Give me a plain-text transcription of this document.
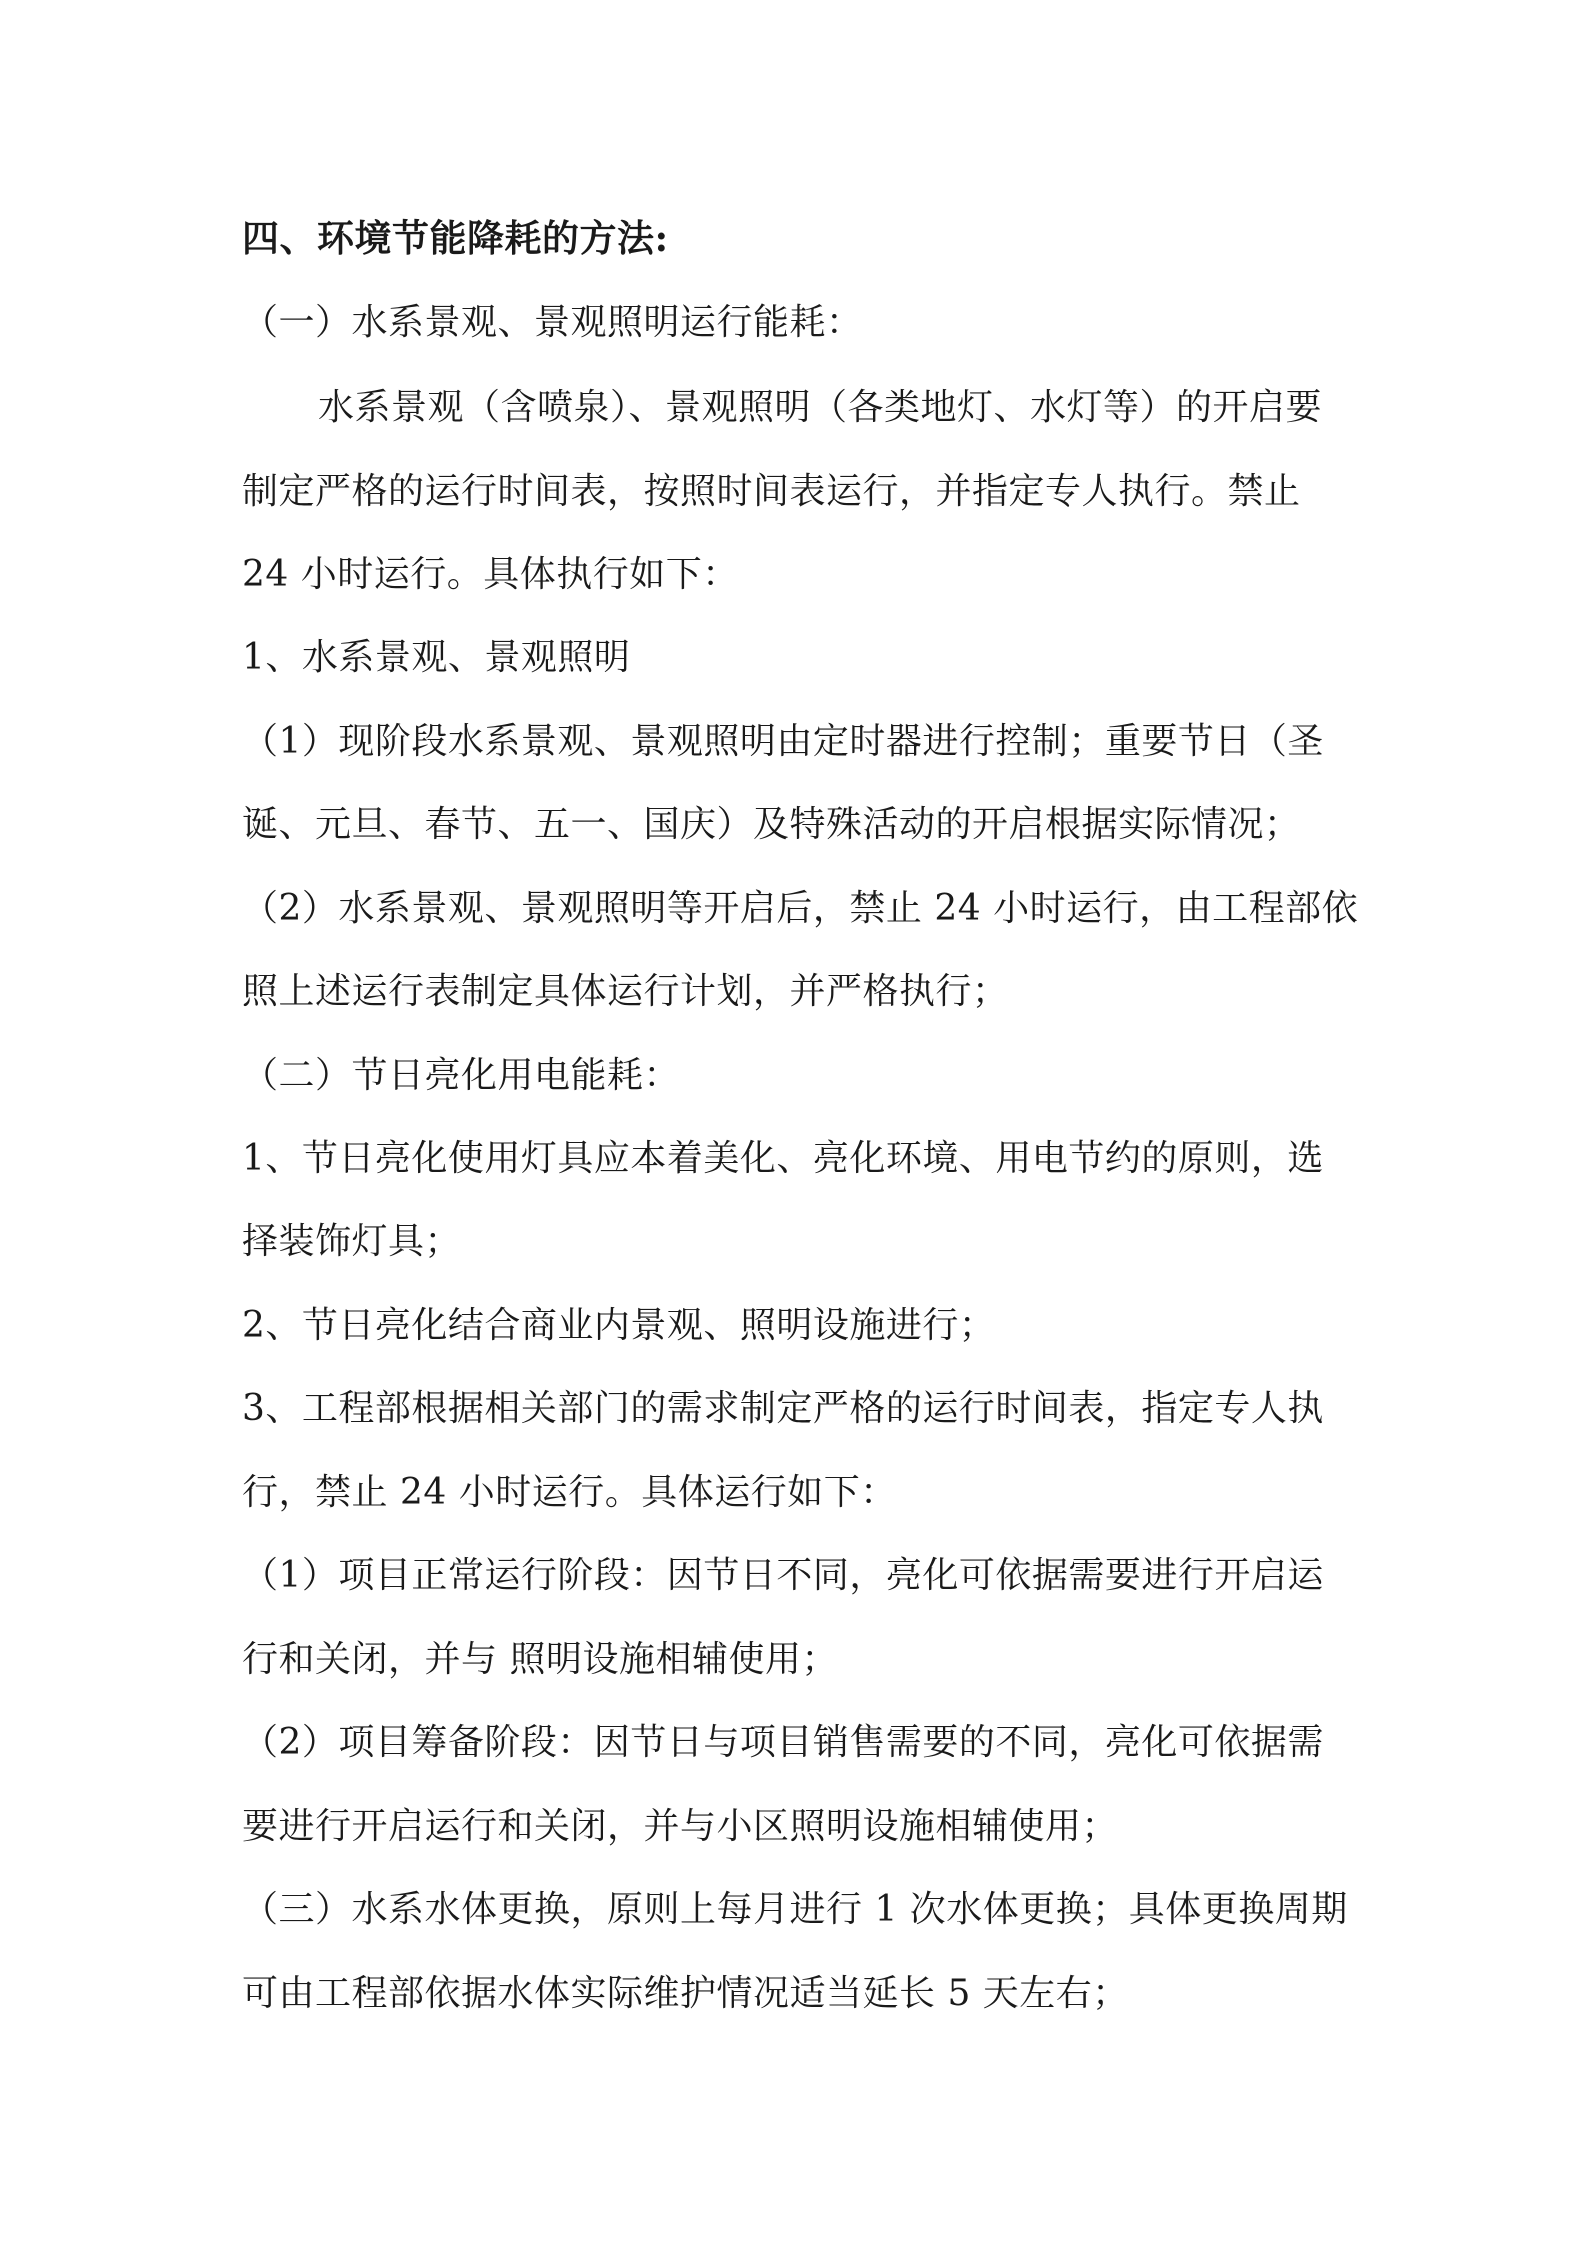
四、环境节能降耗的方法:
（一）水系景观、景观照明运行能耗：
水系景观（含喷泉）、景观照明（各类地灯、水灯等）的开启要
制定严格的运行时间表，按照时间表运行，并指定专人执行。禁止
24 小时运行。具体执行如下：
1、水系景观、景观照明
（1）现阶段水系景观、景观照明由定时器进行控制；重要节日（圣
诞、元旦、春节、五一、国庆）及特殊活动的开启根据实际情况；
（2）水系景观、景观照明等开启后，禁止 24 小时运行，由工程部依
照上述运行表制定具体运行计划，并严格执行；
（二）节日亮化用电能耗：
1、节日亮化使用灯具应本着美化、亮化环境、用电节约的原则，选
择装饰灯具；
2、节日亮化结合商业内景观、照明设施进行；
3、工程部根据相关部门的需求制定严格的运行时间表，指定专人执
行，禁止 24 小时运行。具体运行如下：
（1）项目正常运行阶段：因节日不同，亮化可依据需要进行开启运
行和关闭，并与 照明设施相辅使用；
（2）项目筹备阶段：因节日与项目销售需要的不同，亮化可依据需
要进行开启运行和关闭，并与小区照明设施相辅使用；
（三）水系水体更换，原则上每月进行 1 次水体更换；具体更换周期
可由工程部依据水体实际维护情况适当延长 5 天左右；
